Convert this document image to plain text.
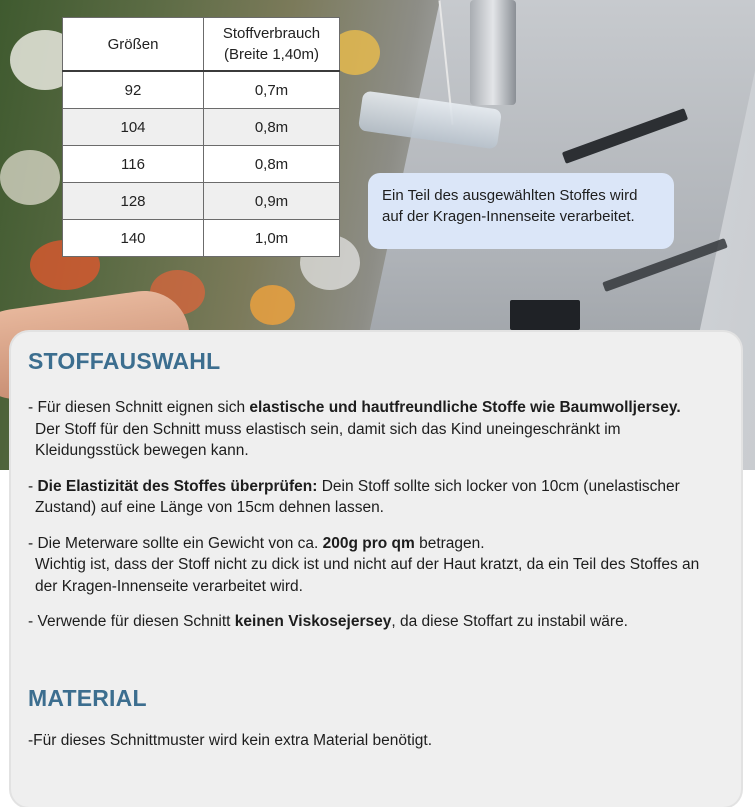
Größen	Stoffverbrauch
(Breite 1,40m)
92	0,7m
104	0,8m
116	0,8m
128	0,9m
140	1,0m
Ein Teil des ausgewählten Stoffes wird
auf der Kragen-Innenseite verarbeitet.
STOFFAUSWAHL

- Für diesen Schnitt eignen sich elastische und hautfreundliche Stoffe wie Baumwolljersey.
Der Stoff für den Schnitt muss elastisch sein, damit sich das Kind uneingeschränkt im
Kleidungsstück bewegen kann.

- Die Elastizität des Stoffes überprüfen: Dein Stoff sollte sich locker von 10cm (unelastischer
Zustand) auf eine Länge von 15cm dehnen lassen.

- Die Meterware sollte ein Gewicht von ca. 200g pro qm betragen.
Wichtig ist, dass der Stoff nicht zu dick ist und nicht auf der Haut kratzt, da ein Teil des Stoffes an
der Kragen-Innenseite verarbeitet wird.

- Verwende für diesen Schnitt keinen Viskosejersey, da diese Stoffart zu instabil wäre.

MATERIAL

-Für dieses Schnittmuster wird kein extra Material benötigt.
